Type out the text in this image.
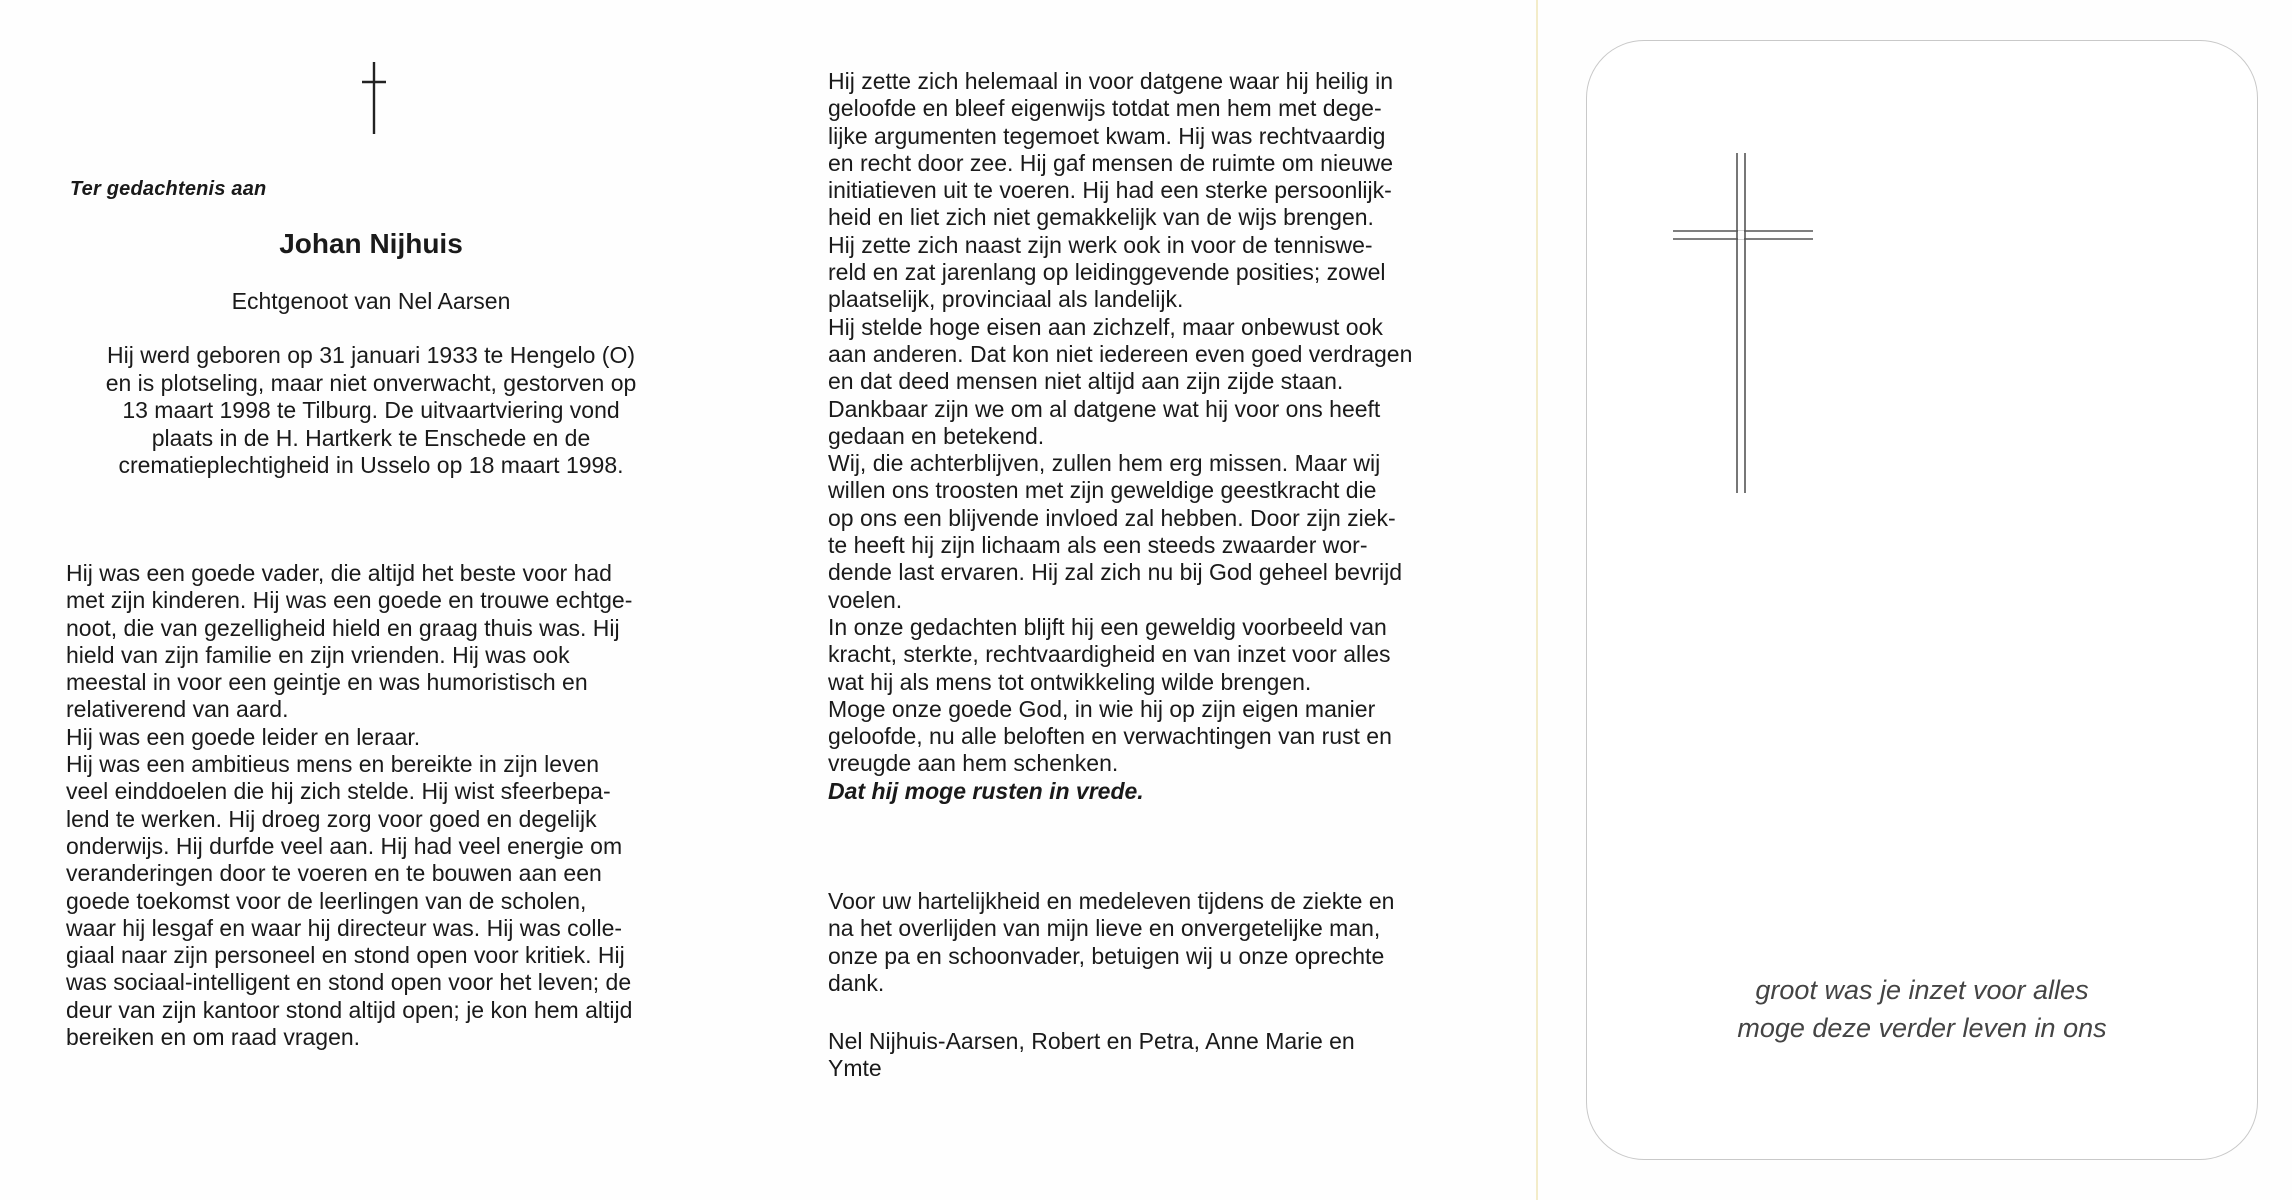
Ter gedachtenis aan
Johan Nijhuis
Echtgenoot van Nel Aarsen
Hij werd geboren op 31 januari 1933 te Hengelo (O)
en is plotseling, maar niet onverwacht, gestorven op
13 maart 1998 te Tilburg. De uitvaartviering vond
plaats in de H. Hartkerk te Enschede en de
crematieplechtigheid in Usselo op 18 maart 1998.
Hij was een goede vader, die altijd het beste voor had
met zijn kinderen. Hij was een goede en trouwe echtge-
noot, die van gezelligheid hield en graag thuis was. Hij
hield van zijn familie en zijn vrienden. Hij was ook
meestal in voor een geintje en was humoristisch en
relativerend van aard.
Hij was een goede leider en leraar.
Hij was een ambitieus mens en bereikte in zijn leven
veel einddoelen die hij zich stelde. Hij wist sfeerbepa-
lend te werken. Hij droeg zorg voor goed en degelijk
onderwijs. Hij durfde veel aan. Hij had veel energie om
veranderingen door te voeren en te bouwen aan een
goede toekomst voor de leerlingen van de scholen,
waar hij lesgaf en waar hij directeur was. Hij was colle-
giaal naar zijn personeel en stond open voor kritiek. Hij
was sociaal-intelligent en stond open voor het leven; de
deur van zijn kantoor stond altijd open; je kon hem altijd
bereiken en om raad vragen.
Hij zette zich helemaal in voor datgene waar hij heilig in
geloofde en bleef eigenwijs totdat men hem met dege-
lijke argumenten tegemoet kwam. Hij was rechtvaardig
en recht door zee. Hij gaf mensen de ruimte om nieuwe
initiatieven uit te voeren. Hij had een sterke persoonlijk-
heid en liet zich niet gemakkelijk van de wijs brengen.
Hij zette zich naast zijn werk ook in voor de tenniswe-
reld en zat jarenlang op leidinggevende posities; zowel
plaatselijk, provinciaal als landelijk.
Hij stelde hoge eisen aan zichzelf, maar onbewust ook
aan anderen. Dat kon niet iedereen even goed verdragen
en dat deed mensen niet altijd aan zijn zijde staan.
Dankbaar zijn we om al datgene wat hij voor ons heeft
gedaan en betekend.
Wij, die achterblijven, zullen hem erg missen. Maar wij
willen ons troosten met zijn geweldige geestkracht die
op ons een blijvende invloed zal hebben. Door zijn ziek-
te heeft hij zijn lichaam als een steeds zwaarder wor-
dende last ervaren. Hij zal zich nu bij God geheel bevrijd
voelen.
In onze gedachten blijft hij een geweldig voorbeeld van
kracht, sterkte, rechtvaardigheid en van inzet voor alles
wat hij als mens tot ontwikkeling wilde brengen.
Moge onze goede God, in wie hij op zijn eigen manier
geloofde, nu alle beloften en verwachtingen van rust en
vreugde aan hem schenken.
Dat hij moge rusten in vrede.
Voor uw hartelijkheid en medeleven tijdens de ziekte en
na het overlijden van mijn lieve en onvergetelijke man,
onze pa en schoonvader, betuigen wij u onze oprechte
dank.
Nel Nijhuis-Aarsen, Robert en Petra, Anne Marie en
Ymte
groot was je inzet voor alles
moge deze verder leven in ons
